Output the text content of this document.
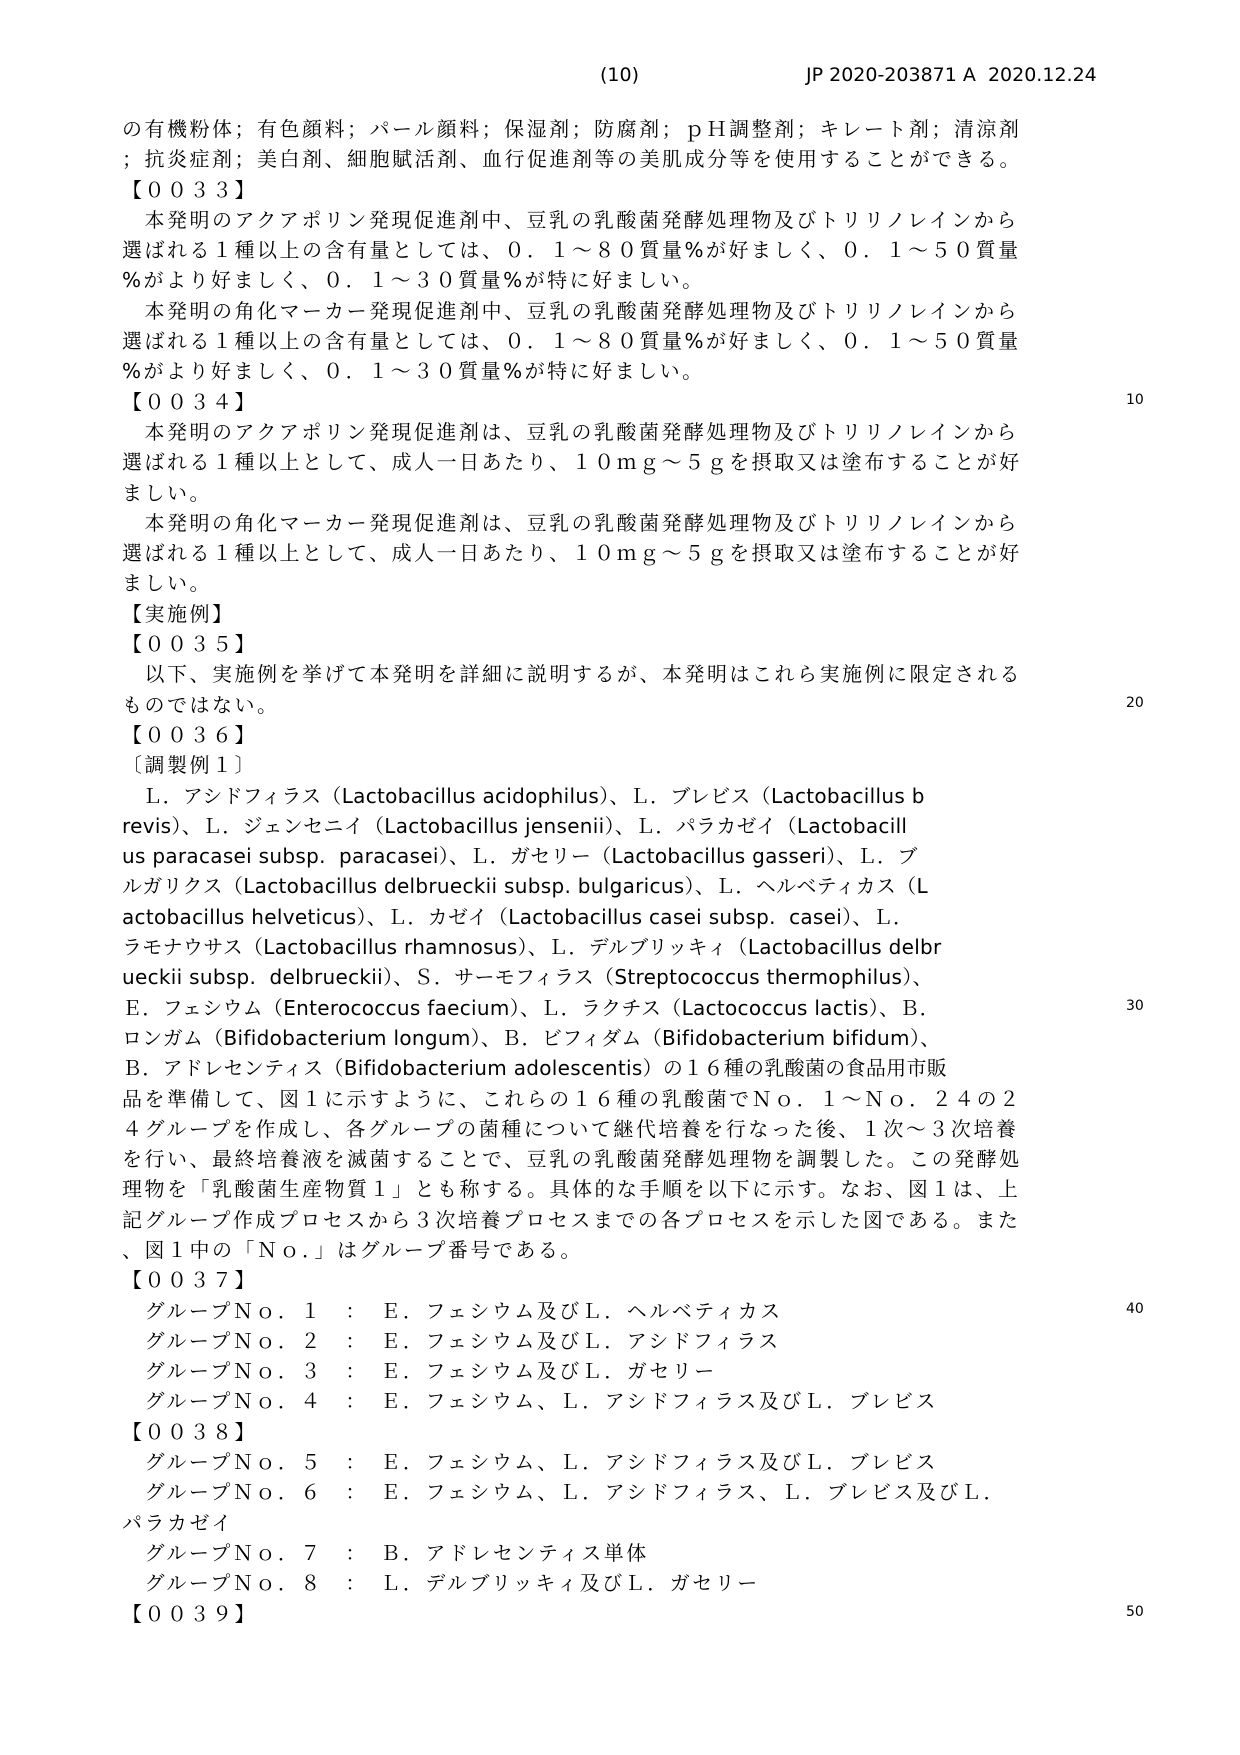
(10)	JP 2020-203871 A  2020.12.24
の有機粉体；有色顔料；パール顔料；保湿剤；防腐剤；ｐＨ調整剤；キレート剤；清涼剤
；抗炎症剤；美白剤、細胞賦活剤、血行促進剤等の美肌成分等を使用することができる。
【００３３】
　本発明のアクアポリン発現促進剤中、豆乳の乳酸菌発酵処理物及びトリリノレインから
選ばれる１種以上の含有量としては、０．１～８０質量%が好ましく、０．１～５０質量
%がより好ましく、０．１～３０質量%が特に好ましい。
　本発明の角化マーカー発現促進剤中、豆乳の乳酸菌発酵処理物及びトリリノレインから
選ばれる１種以上の含有量としては、０．１～８０質量%が好ましく、０．１～５０質量
%がより好ましく、０．１～３０質量%が特に好ましい。
【００３４】
　本発明のアクアポリン発現促進剤は、豆乳の乳酸菌発酵処理物及びトリリノレインから
選ばれる１種以上として、成人一日あたり、１０ｍｇ～５ｇを摂取又は塗布することが好
ましい。
　本発明の角化マーカー発現促進剤は、豆乳の乳酸菌発酵処理物及びトリリノレインから
選ばれる１種以上として、成人一日あたり、１０ｍｇ～５ｇを摂取又は塗布することが好
ましい。
【実施例】
【００３５】
　以下、実施例を挙げて本発明を詳細に説明するが、本発明はこれら実施例に限定される
ものではない。
【００３６】
〔調製例１〕
　Ｌ．アシドフィラス（Lactobacillus acidophilus）、Ｌ．ブレビス（Lactobacillus b
revis）、Ｌ．ジェンセニイ（Lactobacillus jensenii）、Ｌ．パラカゼイ（Lactobacill
us paracasei subsp.  paracasei）、Ｌ．ガセリー（Lactobacillus gasseri）、Ｌ．ブ
ルガリクス（Lactobacillus delbrueckii subsp. bulgaricus）、Ｌ．ヘルベティカス（L
actobacillus helveticus）、Ｌ．カゼイ（Lactobacillus casei subsp.  casei）、Ｌ．
ラモナウサス（Lactobacillus rhamnosus）、Ｌ．デルブリッキィ（Lactobacillus delbr
ueckii subsp.  delbrueckii）、Ｓ．サーモフィラス（Streptococcus thermophilus）、
Ｅ．フェシウム（Enterococcus faecium）、Ｌ．ラクチス（Lactococcus lactis）、Ｂ．
ロンガム（Bifidobacterium longum）、Ｂ．ビフィダム（Bifidobacterium bifidum）、
Ｂ．アドレセンティス（Bifidobacterium adolescentis）の１６種の乳酸菌の食品用市販
品を準備して、図１に示すように、これらの１６種の乳酸菌でＮｏ．１～Ｎｏ．２４の２
４グループを作成し、各グループの菌種について継代培養を行なった後、１次～３次培養
を行い、最終培養液を滅菌することで、豆乳の乳酸菌発酵処理物を調製した。この発酵処
理物を「乳酸菌生産物質１」とも称する。具体的な手順を以下に示す。なお、図１は、上
記グループ作成プロセスから３次培養プロセスまでの各プロセスを示した図である。また
、図１中の「Ｎｏ．」はグループ番号である。
【００３７】
　グループＮｏ．１　：　Ｅ．フェシウム及びＬ．ヘルベティカス
　グループＮｏ．２　：　Ｅ．フェシウム及びＬ．アシドフィラス
　グループＮｏ．３　：　Ｅ．フェシウム及びＬ．ガセリー
　グループＮｏ．４　：　Ｅ．フェシウム、Ｌ．アシドフィラス及びＬ．ブレビス
【００３８】
　グループＮｏ．５　：　Ｅ．フェシウム、Ｌ．アシドフィラス及びＬ．ブレビス
　グループＮｏ．６　：　Ｅ．フェシウム、Ｌ．アシドフィラス、Ｌ．ブレビス及びＬ．
パラカゼイ
　グループＮｏ．７　：　Ｂ．アドレセンティス単体
　グループＮｏ．８　：　Ｌ．デルブリッキィ及びＬ．ガセリー
【００３９】
10
20
30
40
50
